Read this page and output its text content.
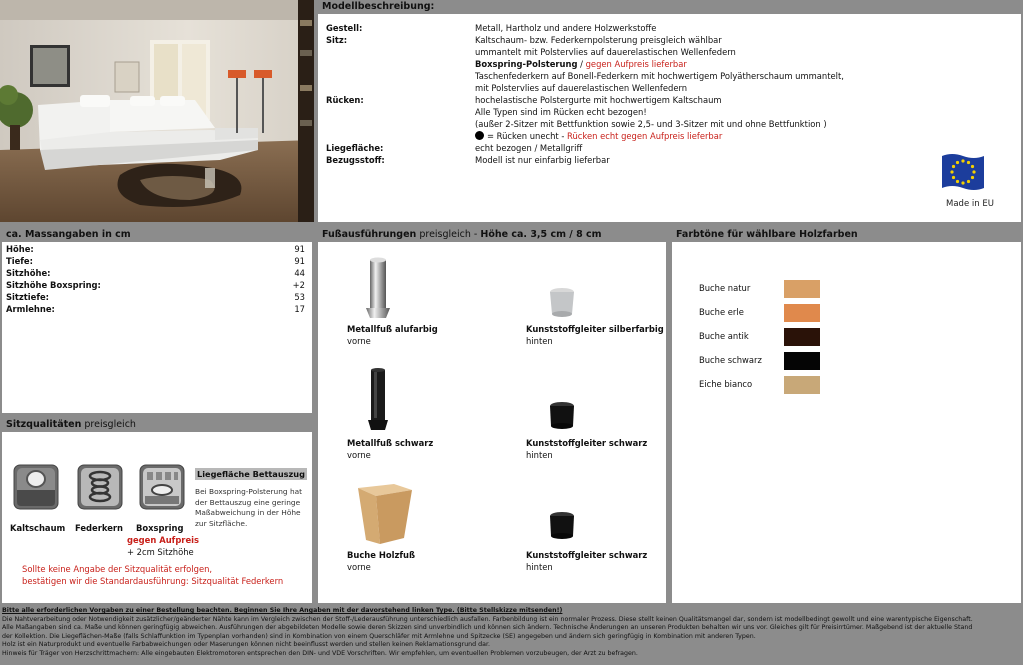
Modellbeschreibung:
Gestell:	Metall, Hartholz und andere Holzwerkstoffe
Sitz:	Kaltschaum- bzw. Federkernpolsterung preisgleich wählbar
ummantelt mit Polstervlies auf dauerelastischen Wellenfedern
Boxspring-Polsterung / gegen Aufpreis lieferbar
Taschenfederkern auf Bonell-Federkern mit hochwertigem Polyätherschaum ummantelt,
mit Polstervlies auf dauerelastischen Wellenfedern
Rücken:	hochelastische Polstergurte mit hochwertigem Kaltschaum
Alle Typen sind im Rücken echt bezogen!
(außer 2-Sitzer mit Bettfunktion sowie 2,5- und 3-Sitzer mit und ohne Bettfunktion )
= Rücken unecht - Rücken echt gegen Aufpreis lieferbar
Liegefläche:	echt bezogen / Metallgriff
Bezugsstoff:	Modell ist nur einfarbig lieferbar
Made in EU
ca. Massangaben in cm
Höhe:	91
Tiefe:	91
Sitzhöhe:	44
Sitzhöhe Boxspring:	+2
Sitztiefe:	53
Armlehne:	17
Fußausführungen preisgleich - Höhe ca. 3,5 cm / 8 cm
Metallfuß alufarbig
vorne
Kunststoffgleiter silberfarbig
hinten
Metallfuß schwarz
vorne
Kunststoffgleiter schwarz
hinten
Buche Holzfuß
vorne
Kunststoffgleiter schwarz
hinten
Farbtöne für wählbare Holzfarben
Buche natur
Buche erle
Buche antik
Buche schwarz
Eiche bianco
Sitzqualitäten preisgleich
Liegefläche Bettauszug
Kaltschaum Federkern Boxspring
Bei Boxspring-Polsterung hat
der Bettauszug eine geringe
Maßabweichung in der Höhe
zur Sitzfläche.
gegen Aufpreis
+ 2cm Sitzhöhe
Sollte keine Angabe der Sitzqualität erfolgen,
bestätigen wir die Standardausführung: Sitzqualität Federkern
Bitte alle erforderlichen Vorgaben zu einer Bestellung beachten. Beginnen Sie Ihre Angaben mit der davorstehend linken Type. (Bitte Stellskizze mitsenden!)
Die Nahtverarbeitung oder Notwendigkeit zusätzlicher/geänderter Nähte kann im Vergleich zwischen der Stoff-/Lederausführung unterschiedlich ausfallen. Farbenbildung ist ein normaler Prozess. Diese stellt keinen Qualitätsmangel dar, sondern ist modellbedingt gewollt und eine warentypische Eigenschaft.
Alle Maßangaben sind ca. Maße und können geringfügig abweichen. Ausführungen der abgebildeten Modelle sowie deren Skizzen sind unverbindlich und können sich ändern. Technische Änderungen an unseren Produkten behalten wir uns vor. Gleiches gilt für Preisirrtümer. Maßgebend ist der aktuelle Stand
der Kollektion. Die Liegeflächen-Maße (falls Schlaffunktion im Typenplan vorhanden) sind in Kombination von einem Querschläfer mit Armlehne und Spitzecke (SE) angegeben und ändern sich geringfügig in Kombination mit anderen Typen.
Holz ist ein Naturprodukt und eventuelle Farbabweichungen oder Maserungen können nicht beeinflusst werden und stellen keinen Reklamationsgrund dar.
Hinweis für Träger von Herzschrittmachern: Alle eingebauten Elektromotoren entsprechen den DIN- und VDE Vorschriften. Wir empfehlen, um eventuellen Problemen vorzubeugen, der Arzt zu befragen.
